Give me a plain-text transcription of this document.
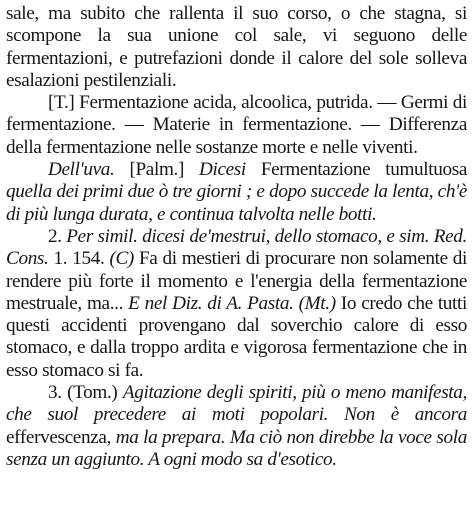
sale, ma subito che rallenta il suo corso, o che stagna, si scompone la sua unione col sale, vi seguono delle fermentazioni, e putrefazioni donde il calore del sole solleva esalazioni pestilenziali.

[T.] Fermentazione acida, alcoolica, putrida. — Germi di fermentazione. — Materie in fermentazione. — Differenza della fermentazione nelle sostanze morte e nelle viventi.

Dell'uva. [Palm.] Dicesi Fermentazione tumultuosa quella dei primi due ò tre giorni ; e dopo succede la lenta, ch'è di più lunga durata, e continua talvolta nelle botti.

2. Per simil. dicesi de'mestrui, dello stomaco, e sim. Red. Cons. 1. 154. (C) Fa di mestieri di procurare non solamente di rendere più forte il momento e l'energia della fermentazione mestruale, ma... E nel Diz. di A. Pasta. (Mt.) Io credo che tutti questi accidenti provengano dal soverchio calore di esso stomaco, e dalla troppo ardita e vigorosa fermentazione che in esso stomaco si fa.

3. (Tom.) Agitazione degli spiriti, più o meno manifesta, che suol precedere ai moti popolari. Non è ancora effervescenza, ma la prepara. Ma ciò non direbbe la voce sola senza un aggiunto. A ogni modo sa d'esotico.
